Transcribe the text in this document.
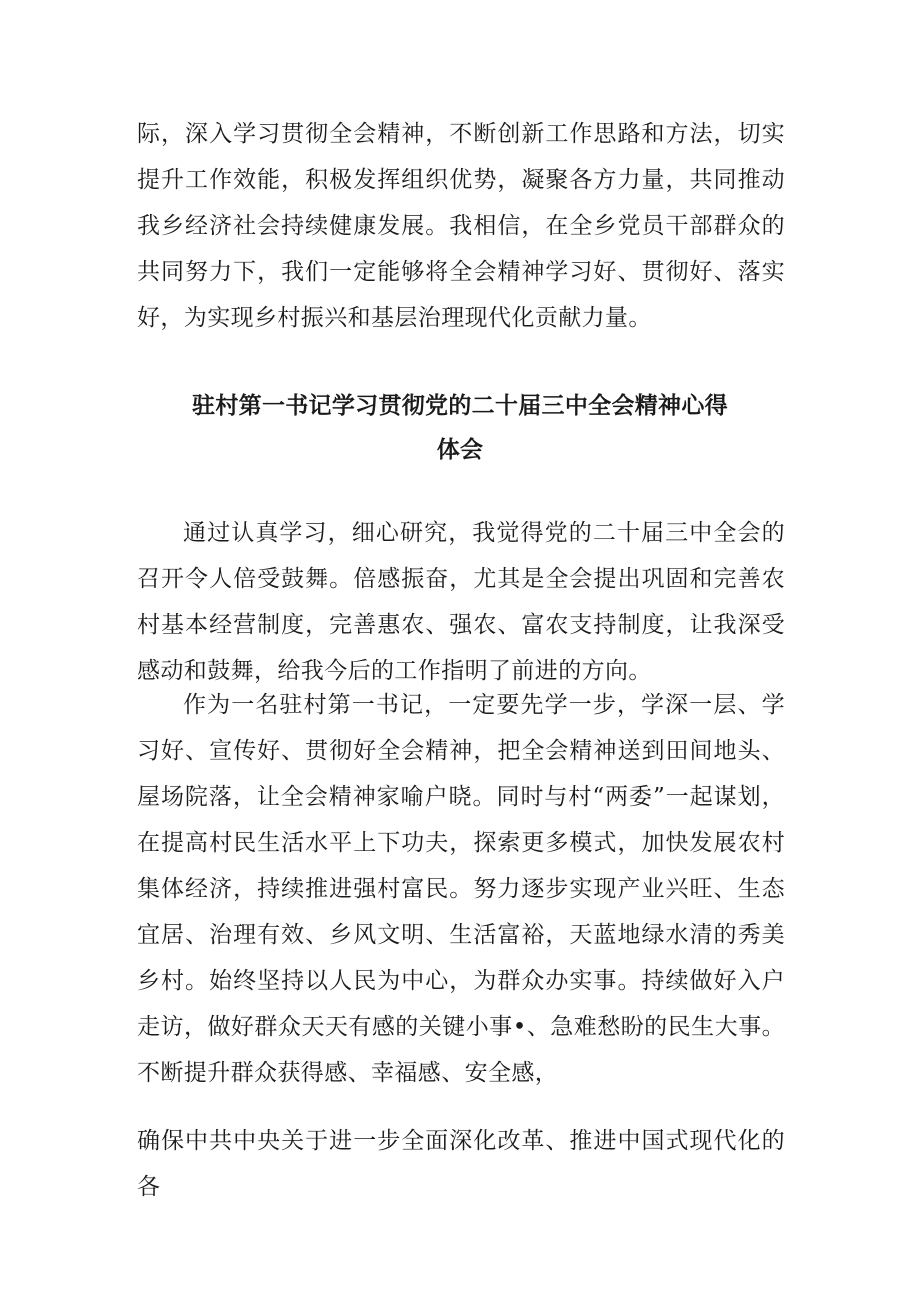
际，深入学习贯彻全会精神，不断创新工作思路和方法，切实提升工作效能，积极发挥组织优势，凝聚各方力量，共同推动我乡经济社会持续健康发展。我相信，在全乡党员干部群众的共同努力下，我们一定能够将全会精神学习好、贯彻好、落实好，为实现乡村振兴和基层治理现代化贡献力量。

驻村第一书记学习贯彻党的二十届三中全会精神心得
体会

通过认真学习，细心研究，我觉得党的二十届三中全会的召开令人倍受鼓舞。倍感振奋，尤其是全会提出巩固和完善农村基本经营制度，完善惠农、强农、富农支持制度，让我深受感动和鼓舞，给我今后的工作指明了前进的方向。

作为一名驻村第一书记，一定要先学一步，学深一层、学习好、宣传好、贯彻好全会精神，把全会精神送到田间地头、屋场院落，让全会精神家喻户晓。同时与村“两委”一起谋划，在提高村民生活水平上下功夫，探索更多模式，加快发展农村集体经济，持续推进强村富民。努力逐步实现产业兴旺、生态宜居、治理有效、乡风文明、生活富裕，天蓝地绿水清的秀美乡村。始终坚持以人民为中心，为群众办实事。持续做好入户走访，做好群众天天有感的关键小事•、急难愁盼的民生大事。不断提升群众获得感、幸福感、安全感，

确保中共中央关于进一步全面深化改革、推进中国式现代化的各
